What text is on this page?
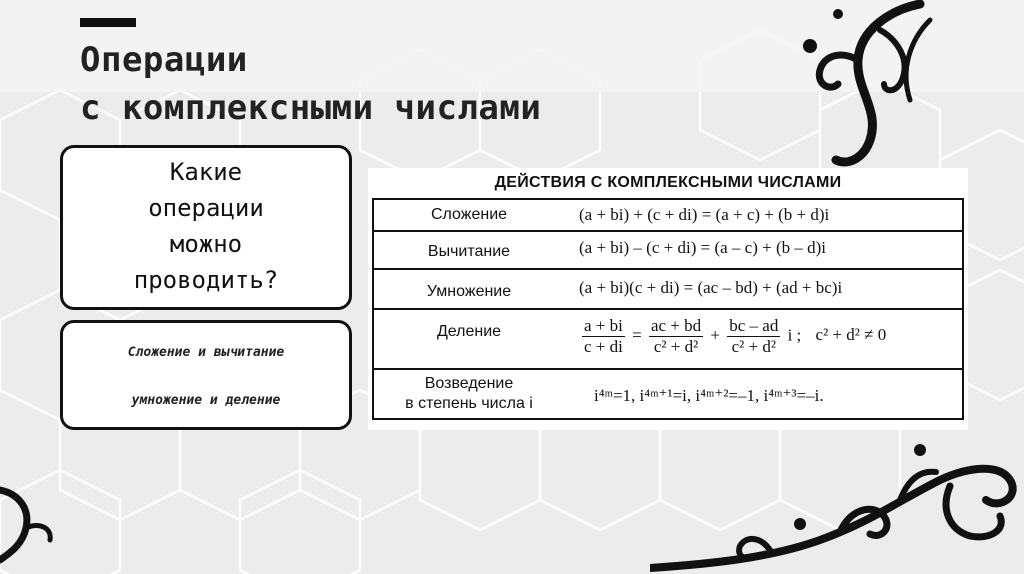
Операции
с комплексными числами
Какие
операции
можно
проводить?
Сложение и вычитание
умножение и деление
ДЕЙСТВИЯ С КОМПЛЕКСНЫМИ ЧИСЛАМИ
Сложение	(a + bi) + (c + di) = (a + c) + (b + d)i
Вычитание	(a + bi) – (c + di) = (a – c) + (b – d)i
Умножение	(a + bi)(c + di) = (ac – bd) + (ad + bc)i
Деление	$\frac{a + bi}{c + di} = \frac{ac + bd}{\text{c² + d²}} + \frac{bc - ad}{\text{c² + d²}}$ i ; c² + d² ≠ 0
Возведение
в степень числа i	i⁴ᵐ=1, i⁴ᵐ⁺¹=i, i⁴ᵐ⁺²=–1, i⁴ᵐ⁺³=–i.
